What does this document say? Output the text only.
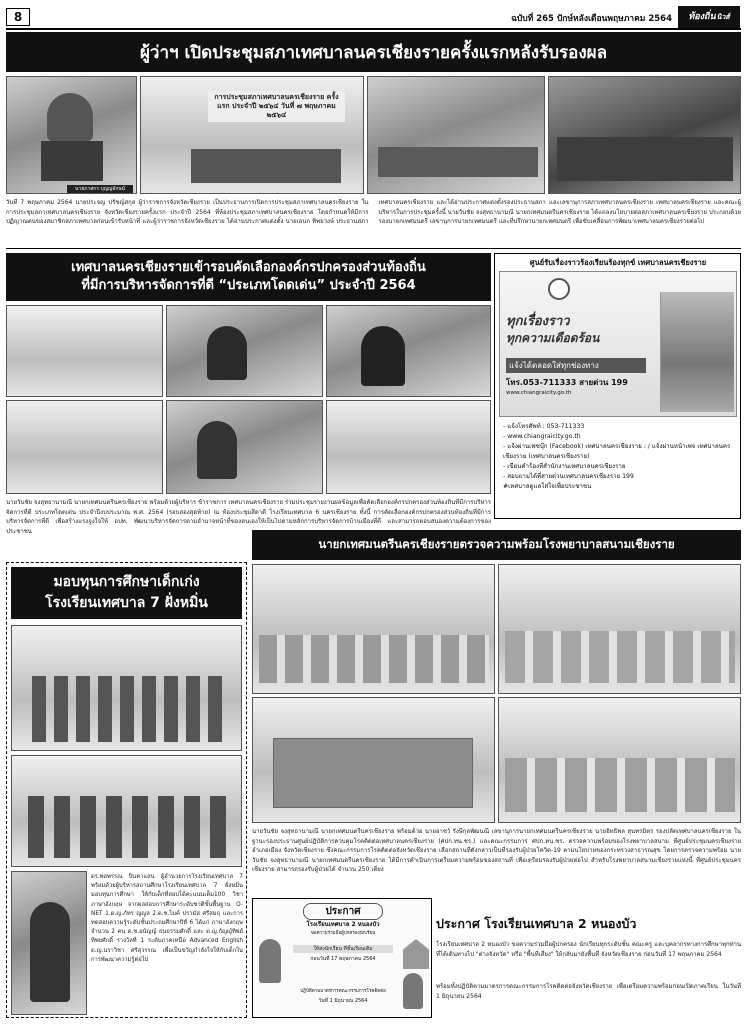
8	ฉบับที่ 265 ปักษ์หลังเดือนพฤษภาคม 2564	ท้องถิ่นนิวส์
ผู้ว่าฯ เปิดประชุมสภาเทศบาลนครเชียงรายครั้งแรกหลังรับรองผล
นายภาสกร บุญญลักษม์
การประชุมสภาเทศบาลนครเชียงราย ครั้งแรก ประจำปี ๒๕๖๔ วันที่ ๗ พฤษภาคม ๒๕๖๔
วันที่ 7 พฤษภาคม 2564 นายประจญ ปรัชญ์สกุล ผู้ว่าราชการจังหวัดเชียงราย เป็นประธานการเปิดการประชุมสภาเทศบาลนครเชียงราย ในการประชุมสภาเทศบาลนครเชียงราย จังหวัดเชียงรายครั้งแรก ประจำปี 2564 ที่ห้องประชุมสภาเทศบาลนครเชียงราย โดยกำหนดให้มีการปฏิญาณตนของสมาชิกสภาเทศบาลก่อนเข้ารับหน้าที่ และผู้ว่าราชการจังหวัดเชียงราย ได้อ่านประกาศแต่งตั้ง นายเอนก ทิพยวงษ์ ประธานสภาเทศบาลนครเชียงราย และได้อ่านประกาศแต่งตั้งรองประธานสภา และเลขานุการสภาเทศบาลนครเชียงราย เทศบาลนครเชียงราย และคณะผู้บริหารในการประชุมครั้งนี้ นายวันชัย จงสุทธานามณี นายกเทศมนตรีนครเชียงราย ได้แถลงนโยบายต่อสภาเทศบาลนครเชียงราย ประกอบด้วย รองนายกเทศมนตรี เลขานุการนายกเทศมนตรี และที่ปรึกษานายกเทศมนตรี เพื่อขับเคลื่อนการพัฒนาเทศบาลนครเชียงรายต่อไป
เทศบาลนครเชียงรายเข้ารอบคัดเลือกองค์กรปกครองส่วนท้องถิ่น
ที่มีการบริหารจัดการที่ดี “ประเภทโดดเด่น” ประจำปี 2564
นายวันชัย จงสุทธานามณี นายกเทศมนตรีนครเชียงราย พร้อมด้วยผู้บริหาร ข้าราชการ เทศบาลนครเชียงราย ร่วมประชุมรายงานผลข้อมูลเพื่อคัดเลือกองค์กรปกครองส่วนท้องถิ่นที่มีการบริหารจัดการที่ดี ประเภทโดดเด่น ประจำปีงบประมาณ พ.ศ. 2564 (รอบสองสุดท้าย) ณ ห้องประชุมสีดาดี โรงเรียนเทศบาล 6 นครเชียงราย ทั้งนี้ การคัดเลือกองค์กรปกครองส่วนท้องถิ่นที่มีการบริหารจัดการที่ดี เพื่อสร้างแรงจูงใจให้ อปท. พัฒนาบริหารจัดการตามอำนาจหน้าที่ของตนเองให้เป็นไปตามหลักการบริหารจัดการบ้านเมืองที่ดี และสามารถตอบสนองความต้องการของประชาชน
ศูนย์รับเรื่องราวร้องเรียนร้องทุกข์ เทศบาลนครเชียงราย
ทุกเรื่องราว
ทุกความเดือดร้อน
แจ้งได้ตลอดใส่ทุกช่องทาง
โทร.053-711333 สายด่วน 199
www.chiangraicity.go.th
- แจ้งโทรศัพท์ : 053-711333
- www.chiangraicity.go.th
- แจ้งผ่านเฟซบุ๊ก (Facebook) เทศบาลนครเชียงราย : / แจ้งผ่านหน้าเพจ เทศบาลนครเชียงราย (เทศบาลนครเชียงราย)
- เขียนคำร้องที่สำนักงานเทศบาลนครเชียงราย
- สอบถามได้ที่สายด่วนเทศบาลนครเชียงราย 199
#เทศบาลดูแลใส่ใจเพื่อประชาชน
นายกเทศมนตรีนครเชียงรายตรวจความพร้อมโรงพยาบาลสนามเชียงราย
นายวันชัย จงสุทธานามณี นายกเทศมนตรีนครเชียงราย พร้อมด้วย นายอาชว์ รังษีกุลพัฒนณี เลขานุการนายกเทศมนตรีนครเชียงราย นายอิทธิพล สุนทรมิตร รองปลัดเทศบาลนครเชียงราย ในฐานะรองประธานศูนย์ปฏิบัติการควบคุมโรคติดต่อเทศบาลนครเชียงราย (ศปก.ทน.ชร.) และคณะกรรมการ ศปก.ทน.ชร. ตรวจความพร้อมของโรงพยาบาลสนาม ที่ศูนย์ประชุมนครเชียงราย อำเภอเมือง จังหวัดเชียงราย ซึ่งคณะกรรมการโรคติดต่อจังหวัดเชียงราย เลือกสถานที่ดังกล่าวเป็นที่รองรับผู้ป่วยโควิด-19 ตามนโยบายของกระทรวงสาธารณสุข โดยการตรวจความพร้อม นายวันชัย จงสุทธานามณี นายกเทศมนตรีนครเชียงราย ได้มีการดำเนินการเตรียมความพร้อมของสถานที่ เพื่อเตรียมรองรับผู้ป่วยต่อไป สำหรับโรงพยาบาลสนามเชียงรายแห่งนี้ ที่ศูนย์ประชุมนครเชียงราย สามารถรองรับผู้ป่วยได้ จำนวน 250 เตียง
มอบทุนการศึกษาเด็กเก่ง
โรงเรียนเทศบาล 7 ฝั่งหมิ่น
ดร.พ่อพรรณ ปินตาแสน ผู้อำนวยการโรงเรียนเทศบาล 7 พร้อมด้วยผู้บริหารสถานศึกษาโรงเรียนเทศบาล 7 ฝั่งหมิ่น มอบทุนการศึกษา ให้กับเด็กที่สอบได้คะแนนเต็ม100 วิชาภาษาอังกฤษ จากผลสอบการศึกษาระดับชาติขั้นพื้นฐาน O-NET 1.ด.ญ.ภัทร ญญูล 2.ด.ช.ไมค์ ปรามัส ศรีสมฤ และการทดสอบความรู้ระดับชั้นประถมศึกษาปีที่ 6 ได้แก่ ภาษาอังกฤษ จำนวน 2 คน ด.ช.อนัญญ์ ธนธรรมศักดิ์ และ ด.ญ.กัญญ์ทิพย์ ทิพยศักดิ์ รางวัลที่ 1 ระดับภาคเหนือ Advanced English ด.ญ.นราวิชา ศรีสุวรรณ เพื่อเป็นขวัญกำลังใจให้กับเด็กในการพัฒนาความรู้ต่อไป
ประกาศ
โรงเรียนเทศบาล 2 หนองบัว
ขอความร่วมมือผู้ปกครองนักเรียน
ให้ส่งนักเรียน ที่ชั้นเรียนเดิม
ก่อนวันที่ 17 พฤษภาคม 2564
ปฏิบัติตามมาตรการคณะกรรมการโรคติดต่อ
วันที่ 1 มิถุนายน 2564
ประกาศ โรงเรียนเทศบาล 2 หนองบัว
โรงเรียนเทศบาล 2 หนองบัว ขอความร่วมมือผู้ปกครอง นักเรียนทุกระดับชั้น คณะครู และบุคลากรทางการศึกษาทุกท่านที่ได้เดินทางไป "ต่างจังหวัด" หรือ "พื้นที่เสี่ยง" ให้กลับมายังพื้นที่ จังหวัดเชียงราย ก่อนวันที่ 17 พฤษภาคม 2564
พร้อมทั้งปฏิบัติตามมาตรการคณะกรรมการโรคติดต่อจังหวัดเชียงราย เพื่อเตรียมความพร้อมก่อนเปิดภาคเรียน ในวันที่ 1 มิถุนายน 2564
